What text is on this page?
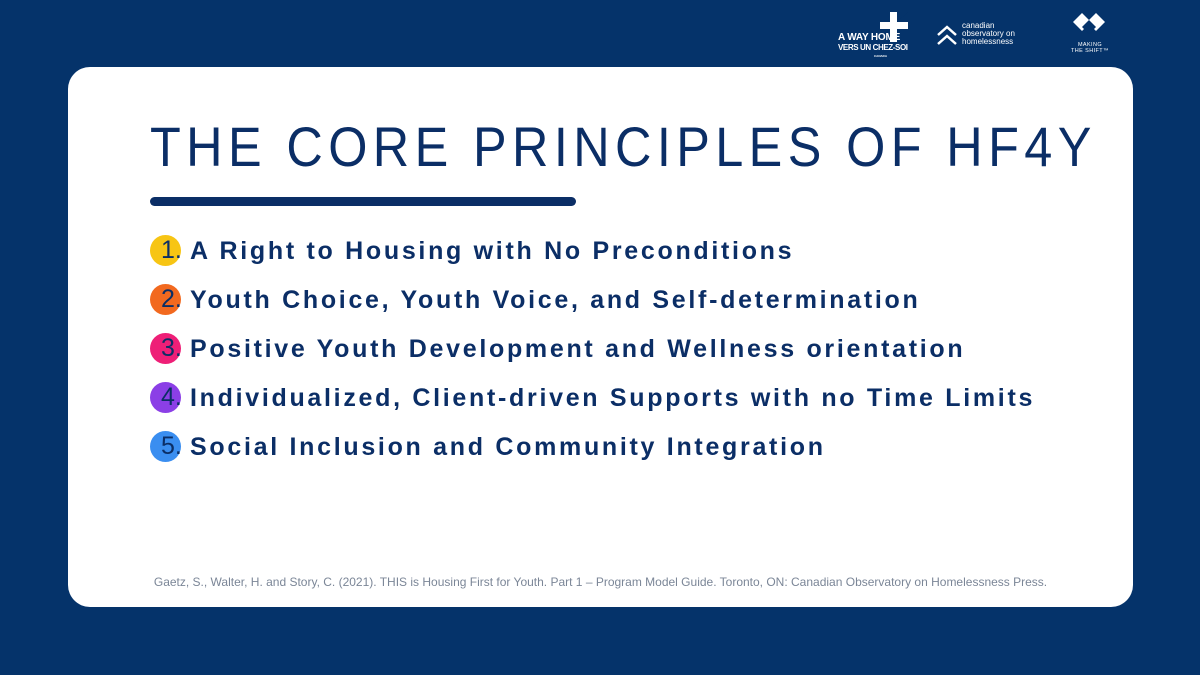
A WAY HOME
VERS UN CHEZ-SOI
CANADA
canadian
observatory on
homelessness	MAKING
THE SHIFT™
THE CORE PRINCIPLES OF HF4Y
1. A Right to Housing with No Preconditions
2. Youth Choice, Youth Voice, and Self-determination
3. Positive Youth Development and Wellness orientation
4. Individualized, Client-driven Supports with no Time Limits
5. Social Inclusion and Community Integration
Gaetz, S., Walter, H. and Story, C. (2021). THIS is Housing First for Youth. Part 1 – Program Model Guide. Toronto, ON: Canadian Observatory on Homelessness Press.
